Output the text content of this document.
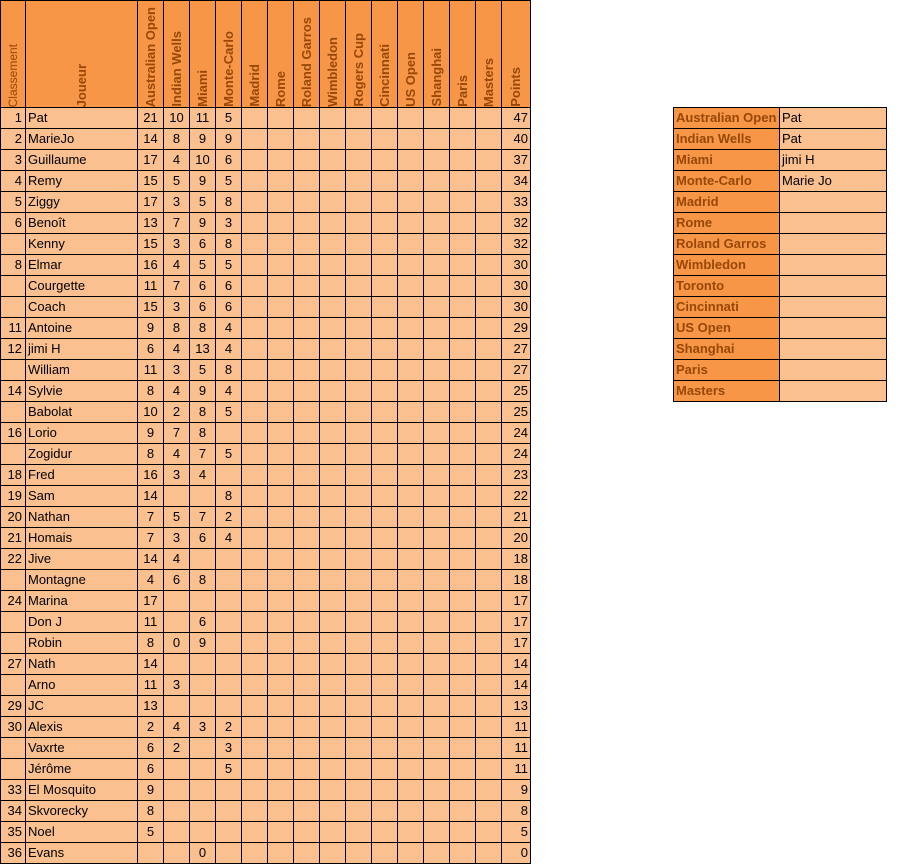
Classement	Joueur	Australian Open	Indian Wells	Miami	Monte-Carlo	Madrid	Rome	Roland Garros	Wimbledon	Rogers Cup	Cincinnati	US Open	Shanghai	Paris	Masters	Points

1	Pat	21	10	11	5											47
2	MarieJo	14	8	9	9											40
3	Guillaume	17	4	10	6											37
4	Remy	15	5	9	5											34
5	Ziggy	17	3	5	8											33
6	Benoît	13	7	9	3											32
	Kenny	15	3	6	8											32
8	Elmar	16	4	5	5											30
	Courgette	11	7	6	6											30
	Coach	15	3	6	6											30
11	Antoine	9	8	8	4											29
12	jimi H	6	4	13	4											27
	William	11	3	5	8											27
14	Sylvie	8	4	9	4											25
	Babolat	10	2	8	5											25
16	Lorio	9	7	8												24
	Zogidur	8	4	7	5											24
18	Fred	16	3	4												23
19	Sam	14			8											22
20	Nathan	7	5	7	2											21
21	Homais	7	3	6	4											20
22	Jive	14	4													18
	Montagne	4	6	8												18
24	Marina	17														17
	Don J	11		6												17
	Robin	8	0	9												17
27	Nath	14														14
	Arno	11	3													14
29	JC	13														13
30	Alexis	2	4	3	2											11
	Vaxrte	6	2		3											11
	Jérôme	6			5											11
33	El Mosquito	9														9
34	Skvorecky	8														8
35	Noel	5														5
36	Evans			0												0
Australian Open	Pat
Indian Wells	Pat
Miami	jimi H
Monte-Carlo	Marie Jo
Madrid	
Rome	
Roland Garros	
Wimbledon	
Toronto	
Cincinnati	
US Open	
Shanghai	
Paris	
Masters	
